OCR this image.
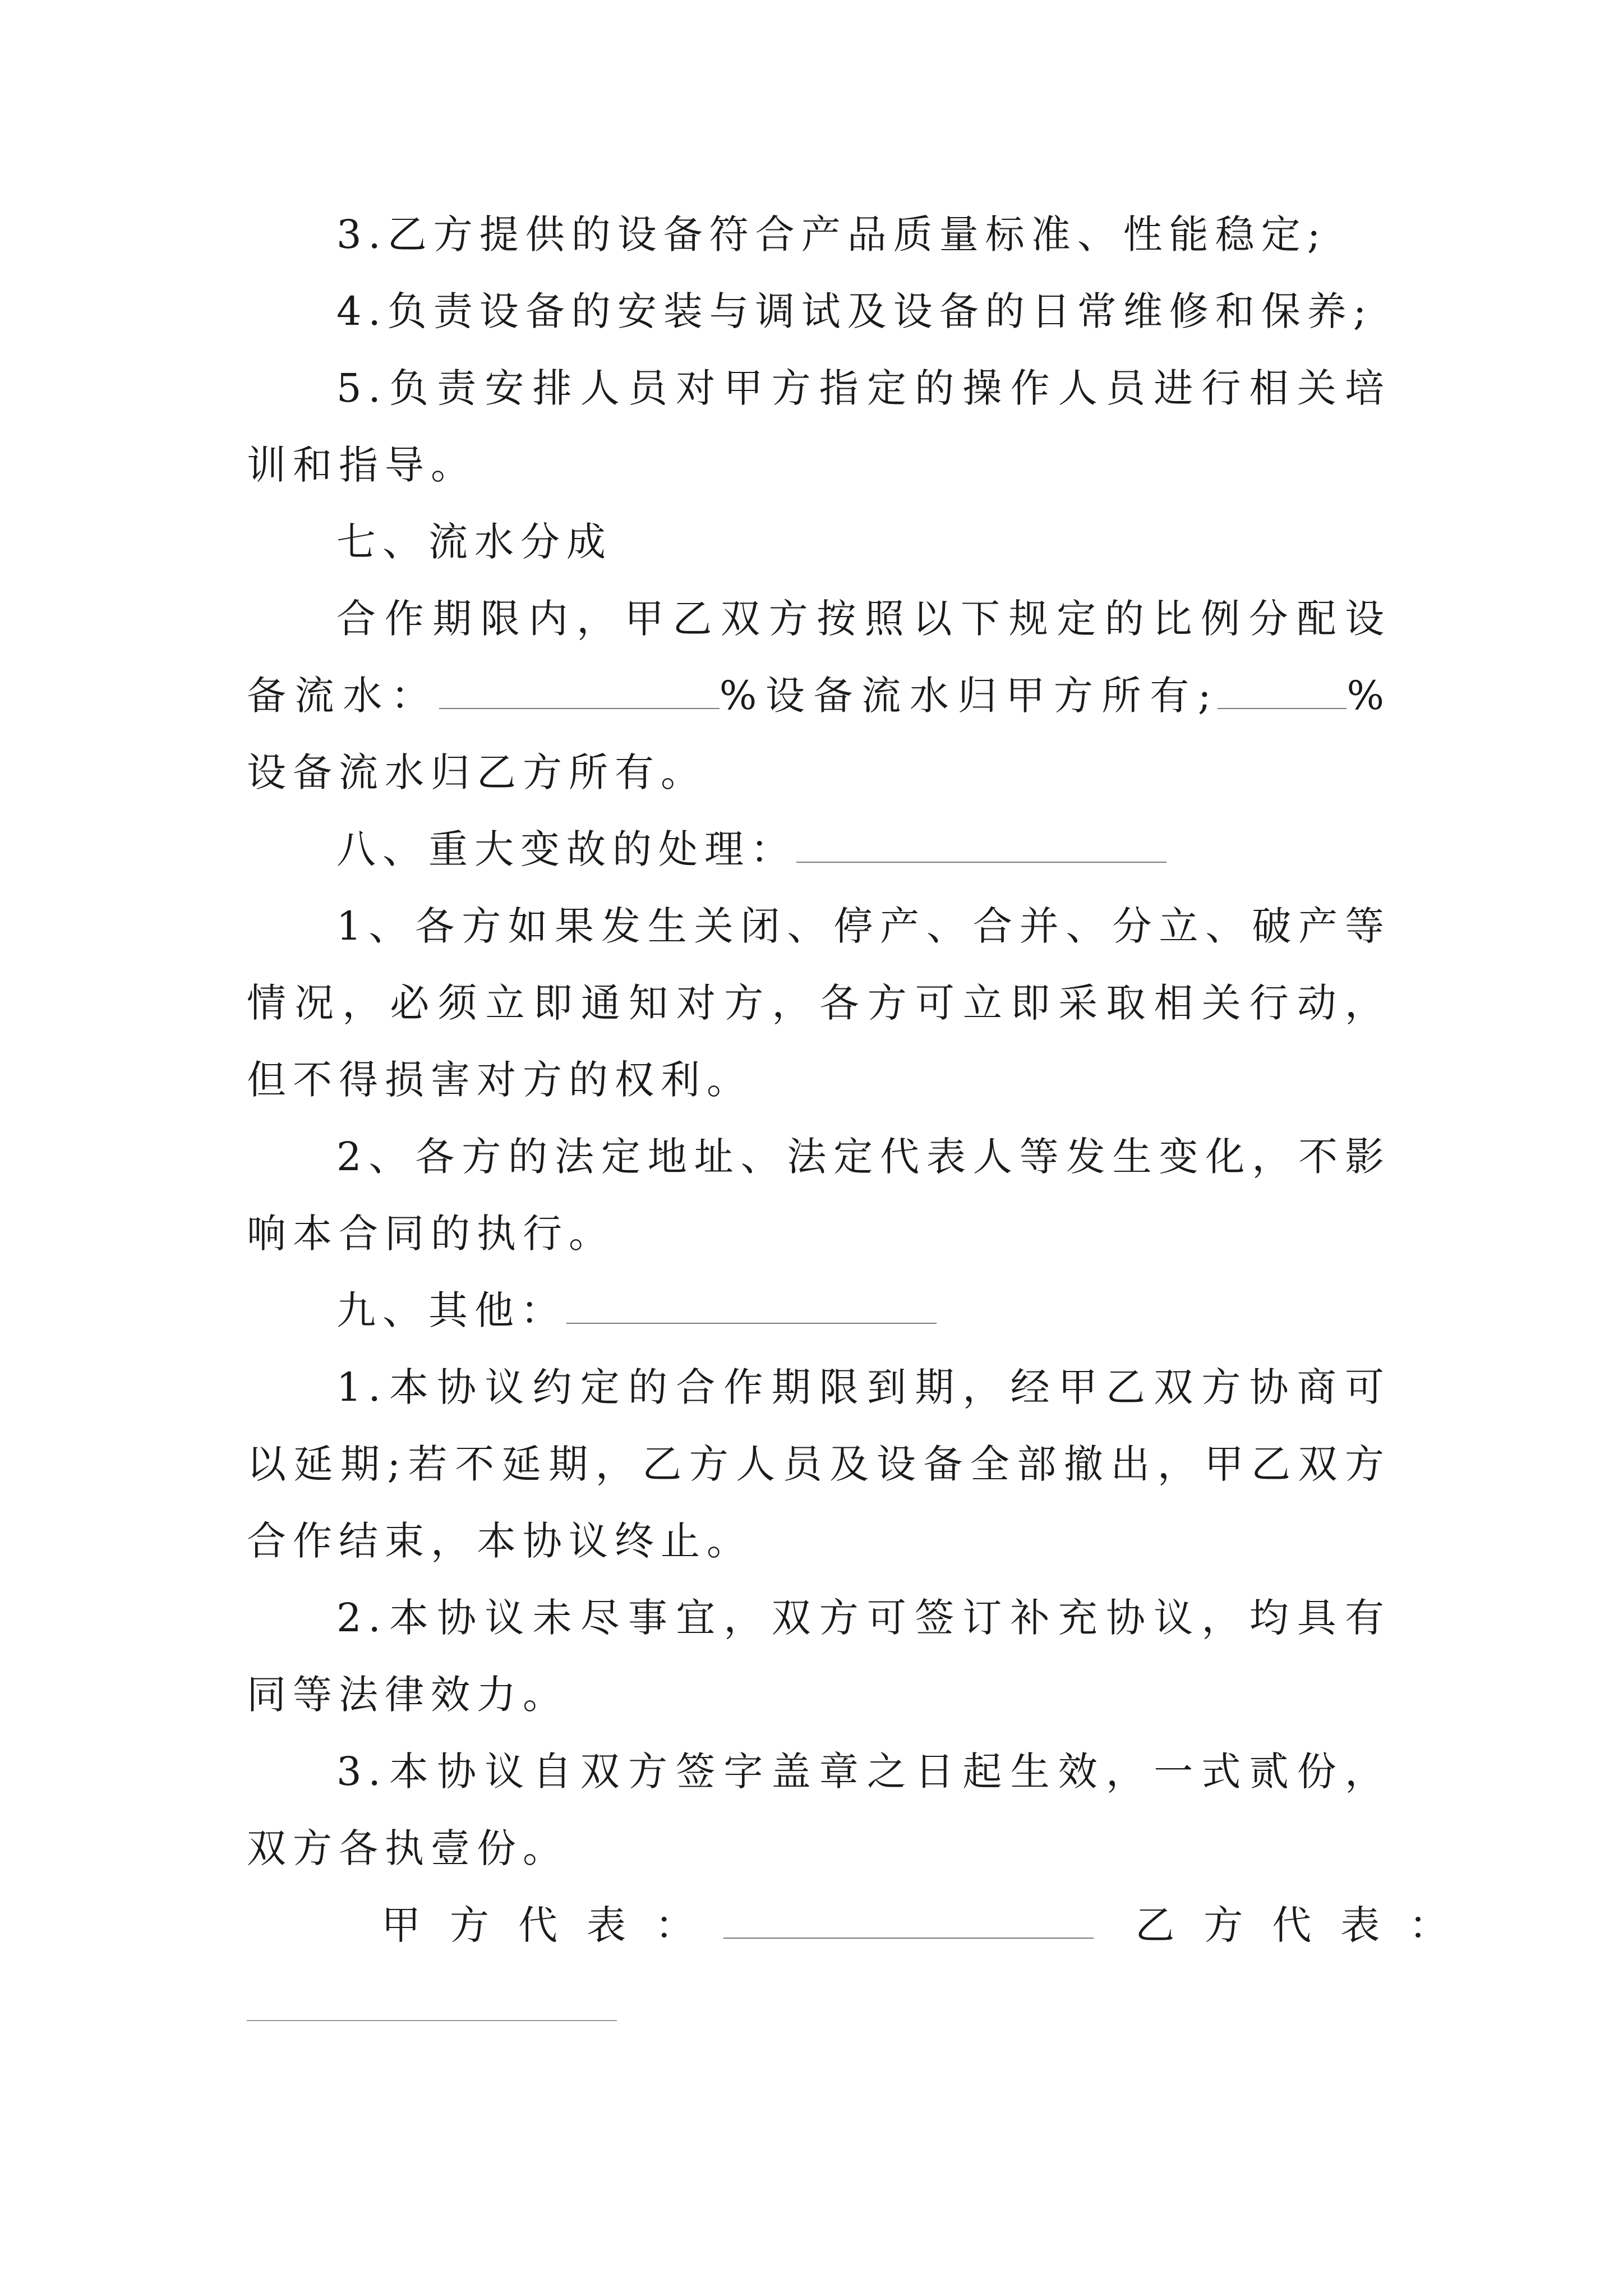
3.乙方提供的设备符合产品质量标准、性能稳定;

4.负责设备的安装与调试及设备的日常维修和保养;

5.负责安排人员对甲方指定的操作人员进行相关培训和指导。

七、流水分成

合作期限内，甲乙双方按照以下规定的比例分配设备流水：	%设备流水归甲方所有;	%设备流水归乙方所有。

八、重大变故的处理：

1、各方如果发生关闭、停产、合并、分立、破产等情况，必须立即通知对方，各方可立即采取相关行动，但不得损害对方的权利。

2、各方的法定地址、法定代表人等发生变化，不影响本合同的执行。

九、其他：

1.本协议约定的合作期限到期，经甲乙双方协商可以延期;若不延期，乙方人员及设备全部撤出，甲乙双方合作结束，本协议终止。

2.本协议未尽事宜，双方可签订补充协议，均具有同等法律效力。

3.本协议自双方签字盖章之日起生效，一式贰份，双方各执壹份。

甲方代表：	乙方代表：
